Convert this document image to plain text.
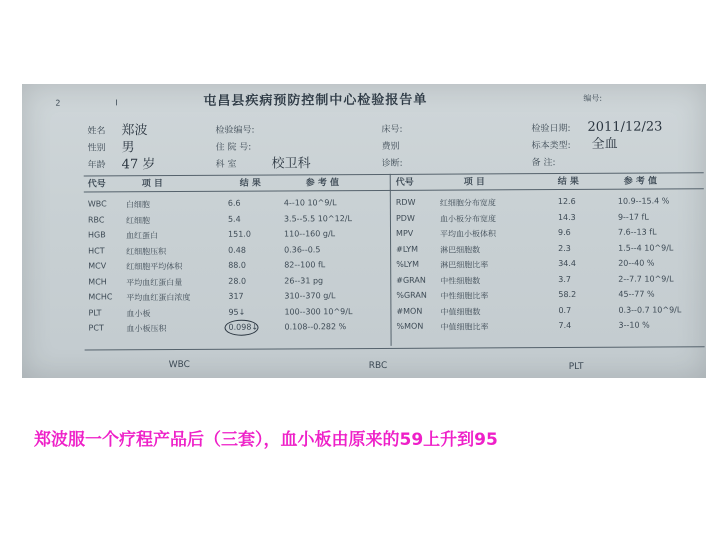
2	I	屯昌县疾病预防控制中心检验报告单	编号:
姓名 郑波
性别 男
年龄 47 岁
检验编号:
住 院 号:
科 室	校卫科
床号:
费别
诊断:
检验日期: 2011/12/23
标本类型: 全血
备 注:
代号	项 目	结 果	参 考 值	代号	项 目	结 果	参 考 值
WBC 白细胞	6.6	4--10 10^9/L
RBC	红细胞	5.4	3.5--5.5 10^12/L
HGB	血红蛋白	151.0	110--160 g/L
HCT	红细胞压积	0.48	0.36--0.5
MCV 红细胞平均体积	88.0	82--100 fL
MCH 平均血红蛋白量	28.0	26--31 pg
MCHC 平均血红蛋白浓度	317	310--370 g/L
PLT	血小板	95↓	100--300 10^9/L
PCT	血小板压积	0.098↓	0.108--0.282 %
RDW	红细胞分布宽度	12.6	10.9--15.4 %
PDW	血小板分布宽度	14.3	9--17 fL
MPV	平均血小板体积	9.6	7.6--13 fL
#LYM	淋巴细胞数	2.3	1.5--4 10^9/L
%LYM	淋巴细胞比率	34.4	20--40 %
#GRAN 中性细胞数	3.7	2--7.7 10^9/L
%GRAN 中性细胞比率	58.2	45--77 %
#MON 中值细胞数	0.7	0.3--0.7 10^9/L
%MON 中值细胞比率	7.4	3--10 %
WBC	RBC	PLT
郑波服一个疗程产品后（三套），血小板由原来的59上升到95
